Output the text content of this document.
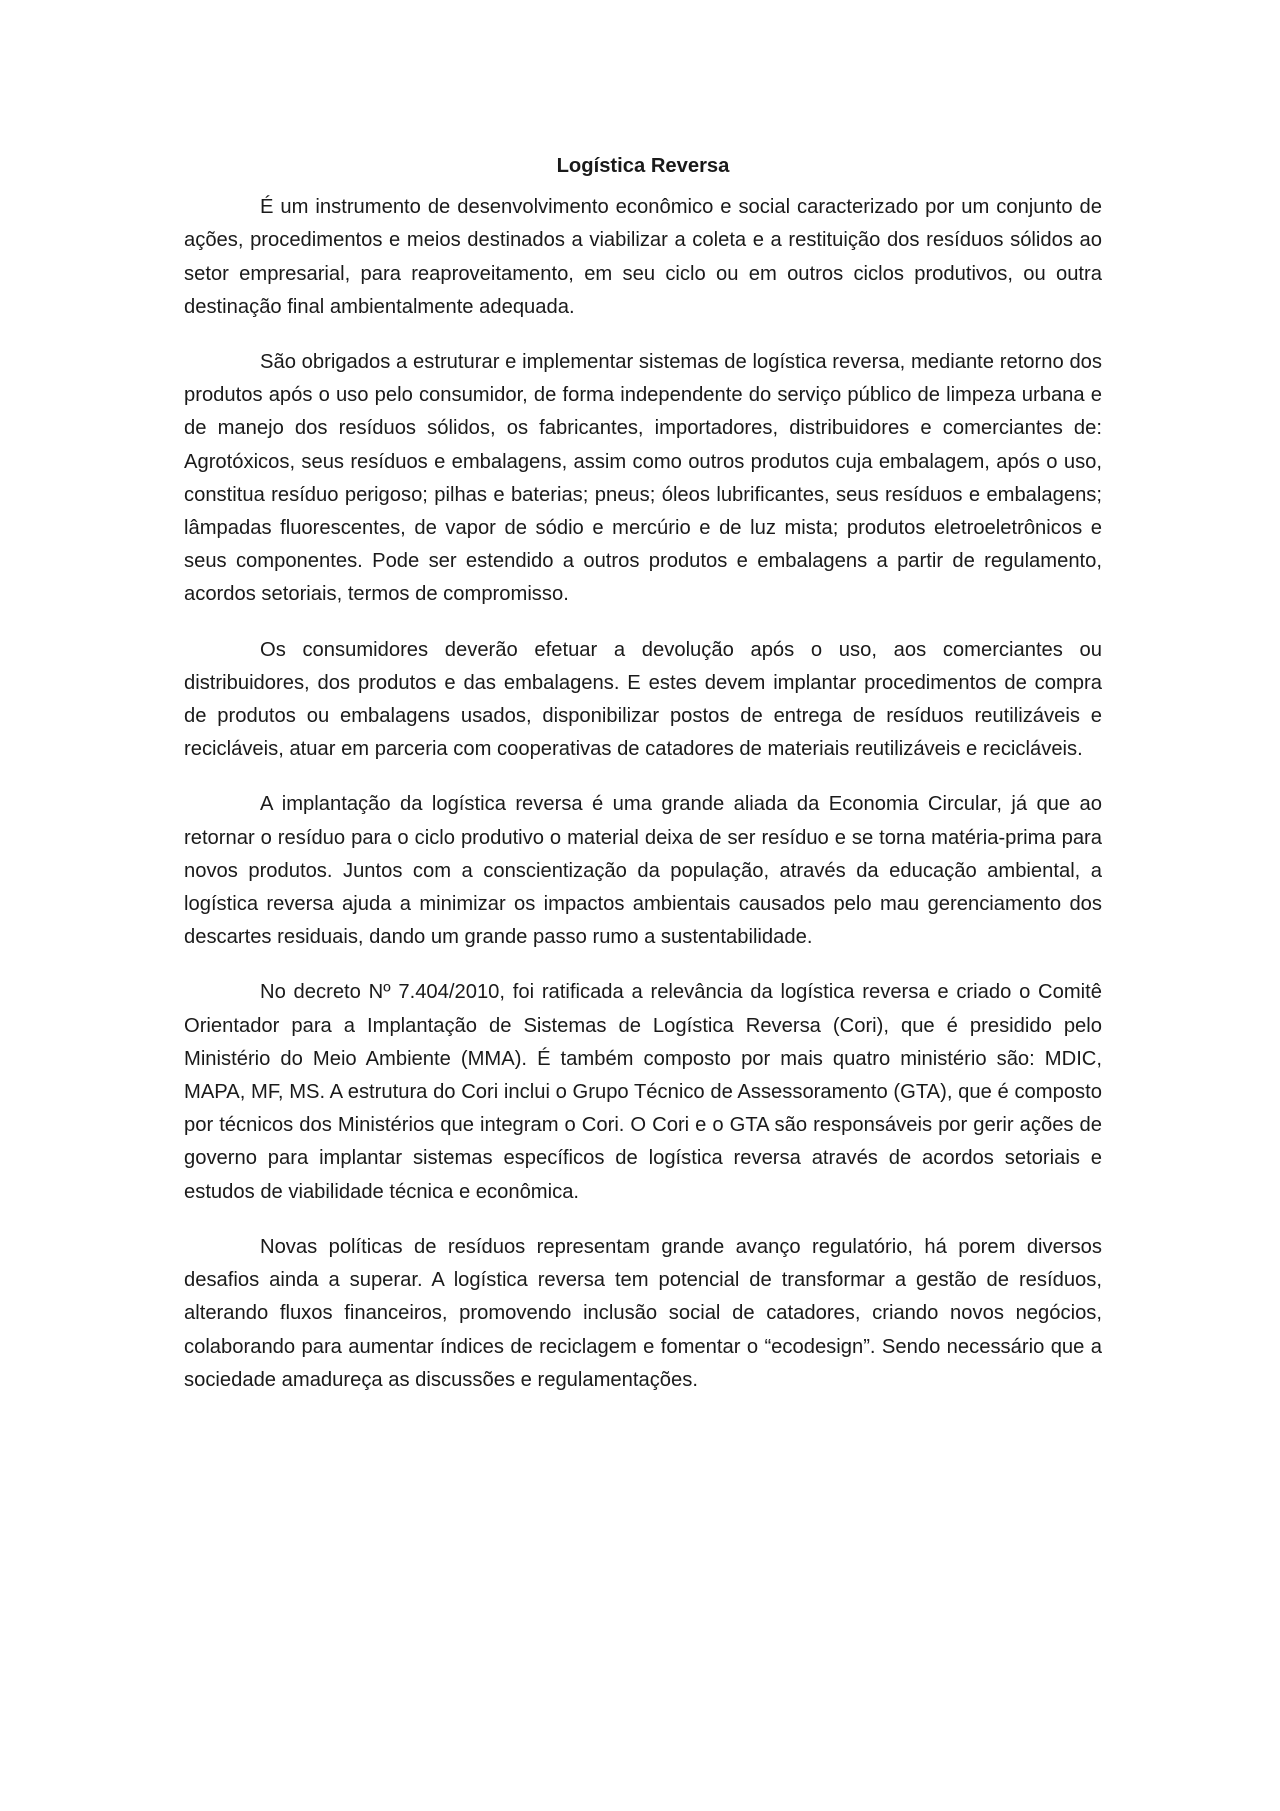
Logística Reversa

É um instrumento de desenvolvimento econômico e social caracterizado por um conjunto de ações, procedimentos e meios destinados a viabilizar a coleta e a restituição dos resíduos sólidos ao setor empresarial, para reaproveitamento, em seu ciclo ou em outros ciclos produtivos, ou outra destinação final ambientalmente adequada.

São obrigados a estruturar e implementar sistemas de logística reversa, mediante retorno dos produtos após o uso pelo consumidor, de forma independente do serviço público de limpeza urbana e de manejo dos resíduos sólidos, os fabricantes, importadores, distribuidores e comerciantes de: Agrotóxicos, seus resíduos e embalagens, assim como outros produtos cuja embalagem, após o uso, constitua resíduo perigoso; pilhas e baterias; pneus; óleos lubrificantes, seus resíduos e embalagens; lâmpadas fluorescentes, de vapor de sódio e mercúrio e de luz mista; produtos eletroeletrônicos e seus componentes. Pode ser estendido a outros produtos e embalagens a partir de regulamento, acordos setoriais, termos de compromisso.

Os consumidores deverão efetuar a devolução após o uso, aos comerciantes ou distribuidores, dos produtos e das embalagens. E estes devem implantar procedimentos de compra de produtos ou embalagens usados, disponibilizar postos de entrega de resíduos reutilizáveis e recicláveis, atuar em parceria com cooperativas de catadores de materiais reutilizáveis e recicláveis.

A implantação da logística reversa é uma grande aliada da Economia Circular, já que ao retornar o resíduo para o ciclo produtivo o material deixa de ser resíduo e se torna matéria-prima para novos produtos. Juntos com a conscientização da população, através da educação ambiental, a logística reversa ajuda a minimizar os impactos ambientais causados pelo mau gerenciamento dos descartes residuais, dando um grande passo rumo a sustentabilidade.

No decreto Nº 7.404/2010, foi ratificada a relevância da logística reversa e criado o Comitê Orientador para a Implantação de Sistemas de Logística Reversa (Cori), que é presidido pelo Ministério do Meio Ambiente (MMA). É também composto por mais quatro ministério são: MDIC, MAPA, MF, MS. A estrutura do Cori inclui o Grupo Técnico de Assessoramento (GTA), que é composto por técnicos dos Ministérios que integram o Cori. O Cori e o GTA são responsáveis por gerir ações de governo para implantar sistemas específicos de logística reversa através de acordos setoriais e estudos de viabilidade técnica e econômica.

Novas políticas de resíduos representam grande avanço regulatório, há porem diversos desafios ainda a superar. A logística reversa tem potencial de transformar a gestão de resíduos, alterando fluxos financeiros, promovendo inclusão social de catadores, criando novos negócios, colaborando para aumentar índices de reciclagem e fomentar o “ecodesign”. Sendo necessário que a sociedade amadureça as discussões e regulamentações.
